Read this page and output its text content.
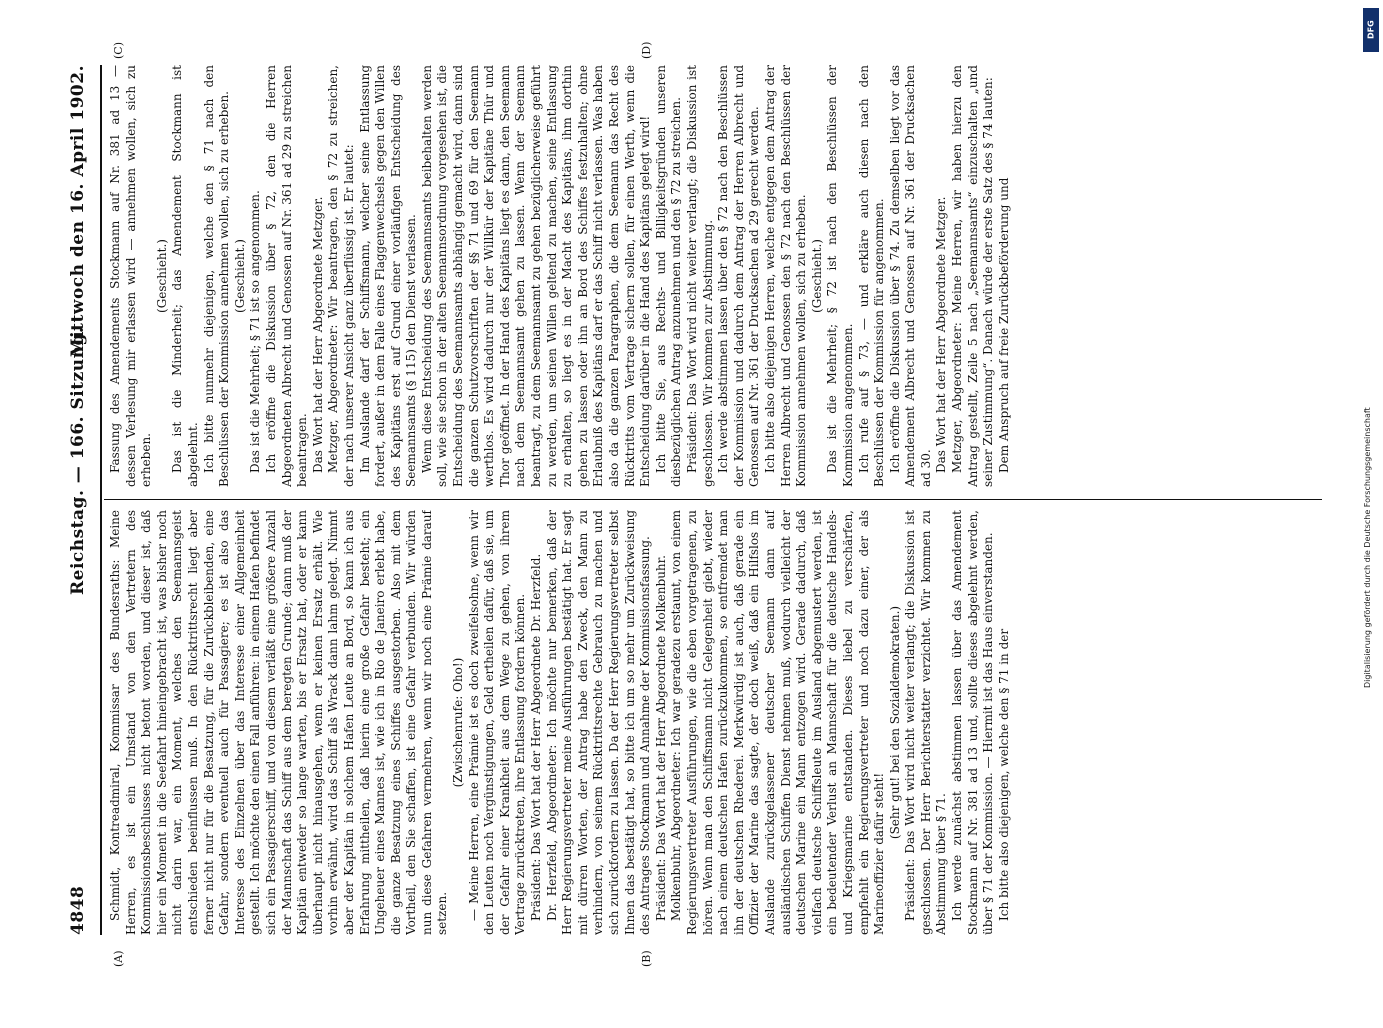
4848
Reichstag. — 166. Sitzung.
Mittwoch den 16. April 1902.
(A)	(B)
(C)	(D)

Schmidt, Kontreadmiral, Kommissar des Bundesraths: Meine Herren, es ist ein Umstand von den Vertretern des Kommissionsbeschlusses nicht betont worden, und dieser ist, daß hier ein Moment in die Seefahrt hineingebracht ist, was bisher noch nicht darin war, ein Moment, welches den Seemannsgeist entschieden beeinflussen muß. In den Rücktrittsrecht liegt aber ferner nicht nur für die Besatzung, für die Zurückbleibenden, eine Gefahr, sondern eventuell auch für Passagiere; es ist also das Interesse des Einzelnen über das Interesse einer Allgemeinheit gestellt. Ich möchte den einen Fall anführen: in einem Hafen befindet sich ein Passagierschiff, und von diesem verläßt eine größere Anzahl der Mannschaft das Schiff aus dem beregten Grunde; dann muß der Kapitän entweder so lange warten, bis er Ersatz hat, oder er kann überhaupt nicht hinausgehen, wenn er keinen Ersatz erhält. Wie vorhin erwähnt, wird das Schiff als Wrack dann lahm gelegt. Nimmt aber der Kapitän in solchem Hafen Leute an Bord, so kann ich aus Erfahrung mittheilen, daß hierin eine große Gefahr besteht; ein Ungeheuer eines Mannes ist, wie ich in Rio de Janeiro erlebt habe, die ganze Besatzung eines Schiffes ausgestorben. Also mit dem Vortheil, den Sie schaffen, ist eine Gefahr verbunden. Wir würden nun diese Gefahren vermehren, wenn wir noch eine Prämie darauf setzen.

(Zwischenrufe: Oho!) — Meine Herren, eine Prämie ist es doch zweifelsohne, wenn wir den Leuten noch Vergünstigungen, Geld ertheilen dafür, daß sie, um der Gefahr einer Krankheit aus dem Wege zu gehen, von ihrem Vertrage zurücktreten, ihre Entlassung fordern können. Präsident: Das Wort hat der Herr Abgeordnete Dr. Herzfeld. Dr. Herzfeld, Abgeordneter: Ich möchte nur bemerken, daß der Herr Regierungsvertreter meine Ausführungen bestätigt hat. Er sagt mit dürren Worten, der Antrag habe den Zweck, den Mann zu verhindern, von seinem Rücktrittsrechte Gebrauch zu machen und sich zurückfordern zu lassen. Da der Herr Regierungsvertreter selbst Ihnen das bestätigt hat, so bitte ich um so mehr um Zurückweisung des Antrages Stockmann und Annahme der Kommissionsfassung. Präsident: Das Wort hat der Herr Abgeordnete Molkenbuhr. Molkenbuhr, Abgeordneter: Ich war geradezu erstaunt, von einem Regierungsvertreter Ausführungen, wie die eben vorgetragenen, zu hören. Wenn man den Schiffsmann nicht Gelegenheit giebt, wieder nach einem deutschen Hafen zurückzukommen, so entfremdet man ihn der deutschen Rhederei. Merkwürdig ist auch, daß gerade ein Offizier der Marine das sagte, der doch weiß, daß ein Hilfslos im Auslande zurückgelassener deutscher Seemann dann auf ausländischen Schiffen Dienst nehmen muß, wodurch vielleicht der deutschen Marine ein Mann entzogen wird. Gerade dadurch, daß vielfach deutsche Schiffsleute im Ausland abgemustert werden, ist ein bedeutender Verlust an Mannschaft für die deutsche Handels- und Kriegsmarine entstanden. Dieses liebel zu verschärfen, empfiehlt ein Regierungsvertreter und noch dazu einer, der als Marineoffizier dafür steht!

(Sehr gut! bei den Sozialdemokraten.) Präsident: Das Wort wird nicht weiter verlangt; die Diskussion ist geschlossen. Der Herr Berichterstatter verzichtet. Wir kommen zu Abstimmung über § 71. Ich werde zunächst abstimmen lassen über das Amendement Stockmann auf Nr. 381 ad 13 und, sollte dieses abgelehnt werden, über § 71 der Kommission. — Hiermit ist das Haus einverstanden. Ich bitte also diejenigen, welche den § 71 in der

Fassung des Amendements Stockmann auf Nr. 381 ad 13 — dessen Verlesung mir erlassen wird — annehmen wollen, sich zu erheben.

(Geschieht.) Das ist die Minderheit; das Amendement Stockmann ist abgelehnt. Ich bitte nunmehr diejenigen, welche den § 71 nach den Beschlüssen der Kommission annehmen wollen, sich zu erheben. (Geschieht.) Das ist die Mehrheit; § 71 ist so angenommen. Ich eröffne die Diskussion über § 72, den die Herren Abgeordneten Albrecht und Genossen auf Nr. 361 ad 29 zu streichen beantragen. Das Wort hat der Herr Abgeordnete Metzger. Metzger, Abgeordneter: Wir beantragen, den § 72 zu streichen, der nach unserer Ansicht ganz überflüssig ist. Er lautet: Im Auslande darf der Schiffsmann, welcher seine Entlassung fordert, außer in dem Falle eines Flaggenwechsels gegen den Willen des Kapitäns erst auf Grund einer vorläufigen Entscheidung des Seemannsamts (§ 115) den Dienst verlassen. Wenn diese Entscheidung des Seemannsamts beibehalten werden soll, wie sie schon in der alten Seemannsordnung vorgesehen ist, die Entscheidung des Seemannsamts abhängig gemacht wird, dann sind die ganzen Schutzvorschriften der §§ 71 und 69 für den Seemann werthlos. Es wird dadurch nur der Willkür der Kapitäne Thür und Thor geöffnet. In der Hand des Kapitäns liegt es dann, den Seemann nach dem Seemannsamt gehen zu lassen. Wenn der Seemann beantragt, zu dem Seemannsamt zu gehen bezüglicherweise geführt zu werden, um seinen Willen geltend zu machen, seine Entlassung zu erhalten, so liegt es in der Macht des Kapitäns, ihm dorthin gehen zu lassen oder ihn an Bord des Schiffes festzuhalten; ohne Erlaubniß des Kapitäns darf er das Schiff nicht verlassen. Was haben also da die ganzen Paragraphen, die dem Seemann das Recht des Rücktritts vom Vertrage sichern sollen, für einen Werth, wenn die Entscheidung darüber in die Hand des Kapitäns gelegt wird! Ich bitte Sie, aus Rechts- und Billigkeitsgründen unseren diesbezüglichen Antrag anzunehmen und den § 72 zu streichen. Präsident: Das Wort wird nicht weiter verlangt; die Diskussion ist geschlossen. Wir kommen zur Abstimmung. Ich werde abstimmen lassen über den § 72 nach den Beschlüssen der Kommission und dadurch dem Antrag der Herren Albrecht und Genossen auf Nr. 361 der Drucksachen ad 29 gerecht werden. Ich bitte also diejenigen Herren, welche entgegen dem Antrag der Herren Albrecht und Genossen den § 72 nach den Beschlüssen der Kommission annehmen wollen, sich zu erheben. (Geschieht.) Das ist die Mehrheit; § 72 ist nach den Beschlüssen der Kommission angenommen. Ich rufe auf § 73, — und erkläre auch diesen nach den Beschlüssen der Kommission für angenommen. Ich eröffne die Diskussion über § 74. Zu demselben liegt vor das Amendement Albrecht und Genossen auf Nr. 361 der Drucksachen ad 30. Das Wort hat der Herr Abgeordnete Metzger. Metzger, Abgeordneter: Meine Herren, wir haben hierzu den Antrag gestellt, Zeile 5 nach „Seemannsamts“ einzuschalten „und seiner Zustimmung“. Danach würde der erste Satz des § 74 lauten: Dem Anspruch auf freie Zurückbeförderung und

Digitalisierung gefördert durch die Deutsche Forschungsgemeinschaft
DFG
